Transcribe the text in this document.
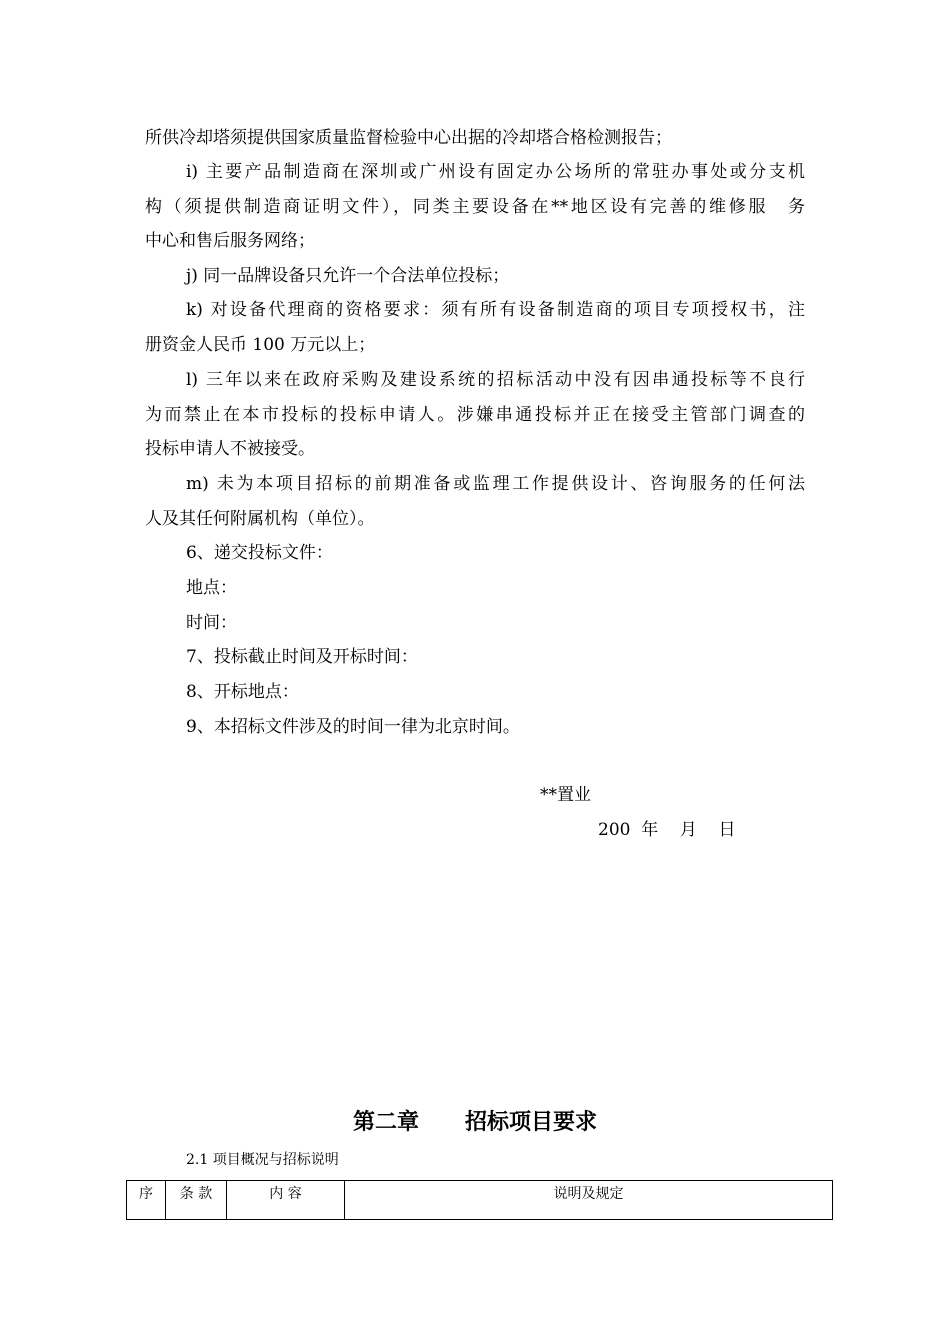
所供冷却塔须提供国家质量监督检验中心出据的冷却塔合格检测报告；
i) 主要产品制造商在深圳或广州设有固定办公场所的常驻办事处或分支机
构（须提供制造商证明文件），同类主要设备在**地区设有完善的维修服　务
中心和售后服务网络；
j) 同一品牌设备只允许一个合法单位投标；
k) 对设备代理商的资格要求：须有所有设备制造商的项目专项授权书，注
册资金人民币 100 万元以上；
l) 三年以来在政府采购及建设系统的招标活动中没有因串通投标等不良行
为而禁止在本市投标的投标申请人。涉嫌串通投标并正在接受主管部门调查的
投标申请人不被接受。
m) 未为本项目招标的前期准备或监理工作提供设计、咨询服务的任何法
人及其任何附属机构（单位）。
6、递交投标文件：
地点：
时间：
7、投标截止时间及开标时间：
8、开标地点：
9、本招标文件涉及的时间一律为北京时间。
**置业
200  年    月    日
第二章      招标项目要求
2.1 项目概况与招标说明
序	条 款	内 容	说明及规定
